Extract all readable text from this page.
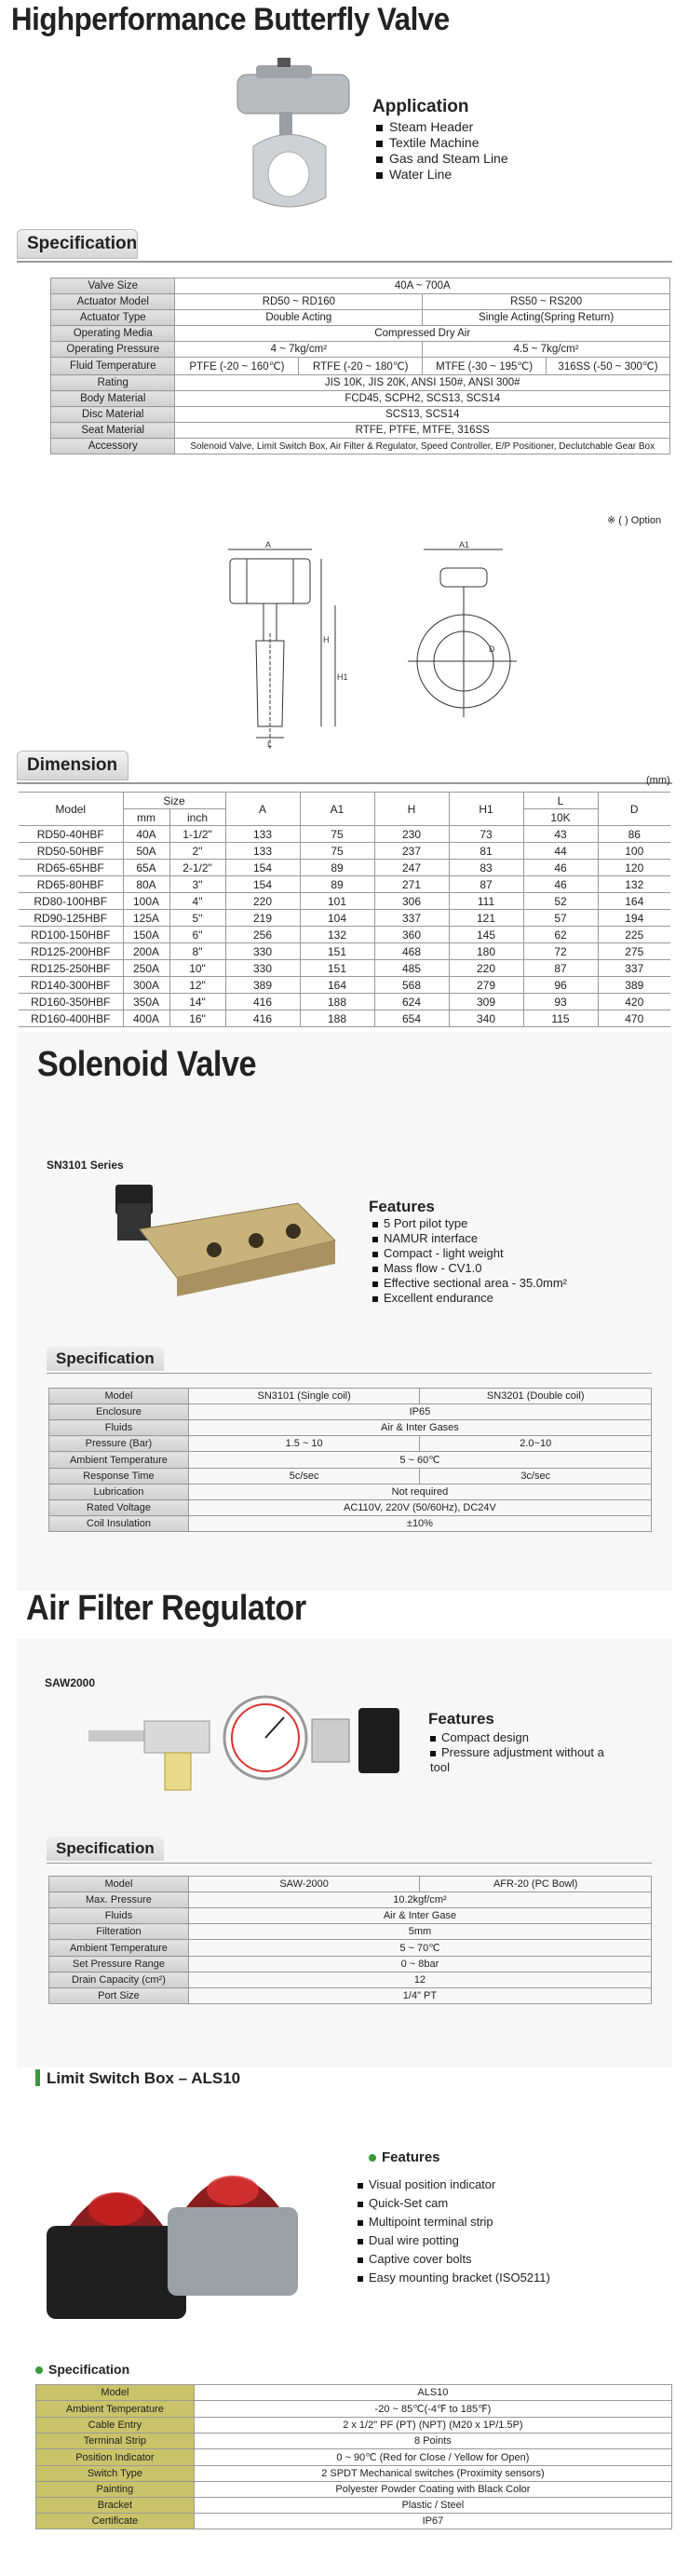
Highperformance Butterfly Valve
Application
Steam Header
Textile Machine
Gas and Steam Line
Water Line
Specification
Valve Size	40A ~ 700A			
Actuator Model	RD50 ~ RD160		RS50 ~ RS200	
Actuator Type	Double Acting		Single Acting(Spring Return)	
Operating Media	Compressed Dry Air			
Operating Pressure	4 ~ 7kg/cm²		4.5 ~ 7kg/cm²	
Fluid Temperature	PTFE (-20 ~ 160℃)	RTFE (-20 ~ 180℃)	MTFE (-30 ~ 195℃)	316SS (-50 ~ 300℃)
Rating	JIS 10K, JIS 20K, ANSI 150#, ANSI 300#			
Body Material	FCD45, SCPH2, SCS13, SCS14			
Disc Material	SCS13, SCS14			
Seat Material	RTFE, PTFE, MTFE, 316SS			
Accessory	Solenoid Valve, Limit Switch Box, Air Filter & Regulator, Speed Controller, E/P Positioner, Declutchable Gear Box			
※ ( ) Option
A	A1
H
H1
L
D
Dimension
(mm)
Model	Size		A	A1	H	H1	L	D
	mm	inch					10K	
RD50-40HBF	40A	1-1/2"	133	75	230	73	43	86
RD50-50HBF	50A	2"	133	75	237	81	44	100
RD65-65HBF	65A	2-1/2"	154	89	247	83	46	120
RD65-80HBF	80A	3"	154	89	271	87	46	132
RD80-100HBF	100A	4"	220	101	306	111	52	164
RD90-125HBF	125A	5"	219	104	337	121	57	194
RD100-150HBF	150A	6"	256	132	360	145	62	225
RD125-200HBF	200A	8"	330	151	468	180	72	275
RD125-250HBF	250A	10"	330	151	485	220	87	337
RD140-300HBF	300A	12"	389	164	568	279	96	389
RD160-350HBF	350A	14"	416	188	624	309	93	420
RD160-400HBF	400A	16"	416	188	654	340	115	470
Solenoid Valve
SN3101 Series
Features
5 Port pilot type
NAMUR interface
Compact - light weight
Mass flow - CV1.0
Effective sectional area - 35.0mm²
Excellent endurance
Specification
Model	SN3101 (Single coil)	SN3201 (Double coil)
Enclosure	IP65	
Fluids	Air & Inter Gases	
Pressure (Bar)	1.5 ~ 10	2.0~10
Ambient Temperature	5 ~ 60℃	
Response Time	5c/sec	3c/sec
Lubrication	Not required	
Rated Voltage	AC110V, 220V (50/60Hz), DC24V	
Coil Insulation	±10%	
Air Filter Regulator
SAW2000
Features
Compact design
Pressure adjustment without a tool
Specification
Model	SAW-2000	AFR-20 (PC Bowl)
Max. Pressure	10.2kgf/cm²	
Fluids	Air & Inter Gase	
Filteration	5mm	
Ambient Temperature	5 ~ 70℃	
Set Pressure Range	0 ~ 8bar	
Drain Capacity (cm²)	12	
Port Size	1/4" PT	
Limit Switch Box – ALS10
Features
Visual position indicator
Quick-Set cam
Multipoint terminal strip
Dual wire potting
Captive cover bolts
Easy mounting bracket (ISO5211)
Specification
Model	ALS10
Ambient Temperature	-20 ~ 85℃(-4℉ to 185℉)
Cable Entry	2 x 1/2" PF (PT) (NPT) (M20 x 1P/1.5P)
Terminal Strip	8 Points
Position Indicator	0 ~ 90℃ (Red for Close / Yellow for Open)
Switch Type	2 SPDT Mechanical switches (Proximity sensors)
Painting	Polyester Powder Coating with Black Color
Bracket	Plastic / Steel
Certificate	IP67
